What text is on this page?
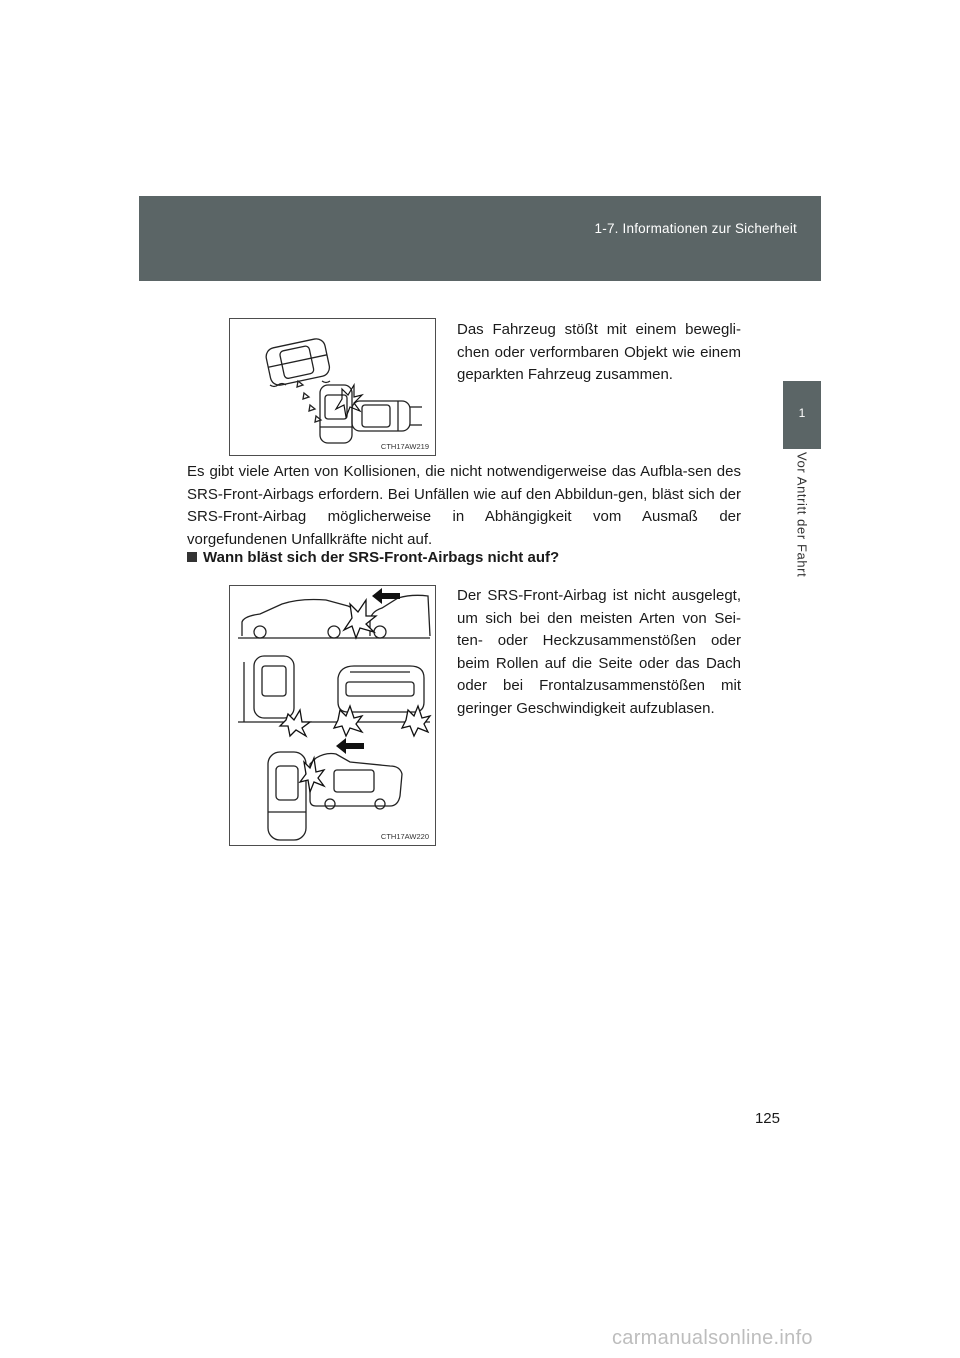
1-7. Informationen zur Sicherheit
1
Vor Antritt der Fahrt
CTH17AW219

Das Fahrzeug stößt mit einem bewegli-chen oder verformbaren Objekt wie einem geparkten Fahrzeug zusammen.

Es gibt viele Arten von Kollisionen, die nicht notwendigerweise das Aufbla-sen des SRS-Front-Airbags erfordern. Bei Unfällen wie auf den Abbildun-gen, bläst sich der SRS-Front-Airbag möglicherweise in Abhängigkeit vom Ausmaß der vorgefundenen Unfallkräfte nicht auf.

Wann bläst sich der SRS-Front-Airbags nicht auf?
CTH17AW220

Der SRS-Front-Airbag ist nicht ausgelegt, um sich bei den meisten Arten von Sei-ten- oder Heckzusammenstößen oder beim Rollen auf die Seite oder das Dach oder bei Frontalzusammenstößen mit geringer Geschwindigkeit aufzublasen.

125
carmanualsonline.info
